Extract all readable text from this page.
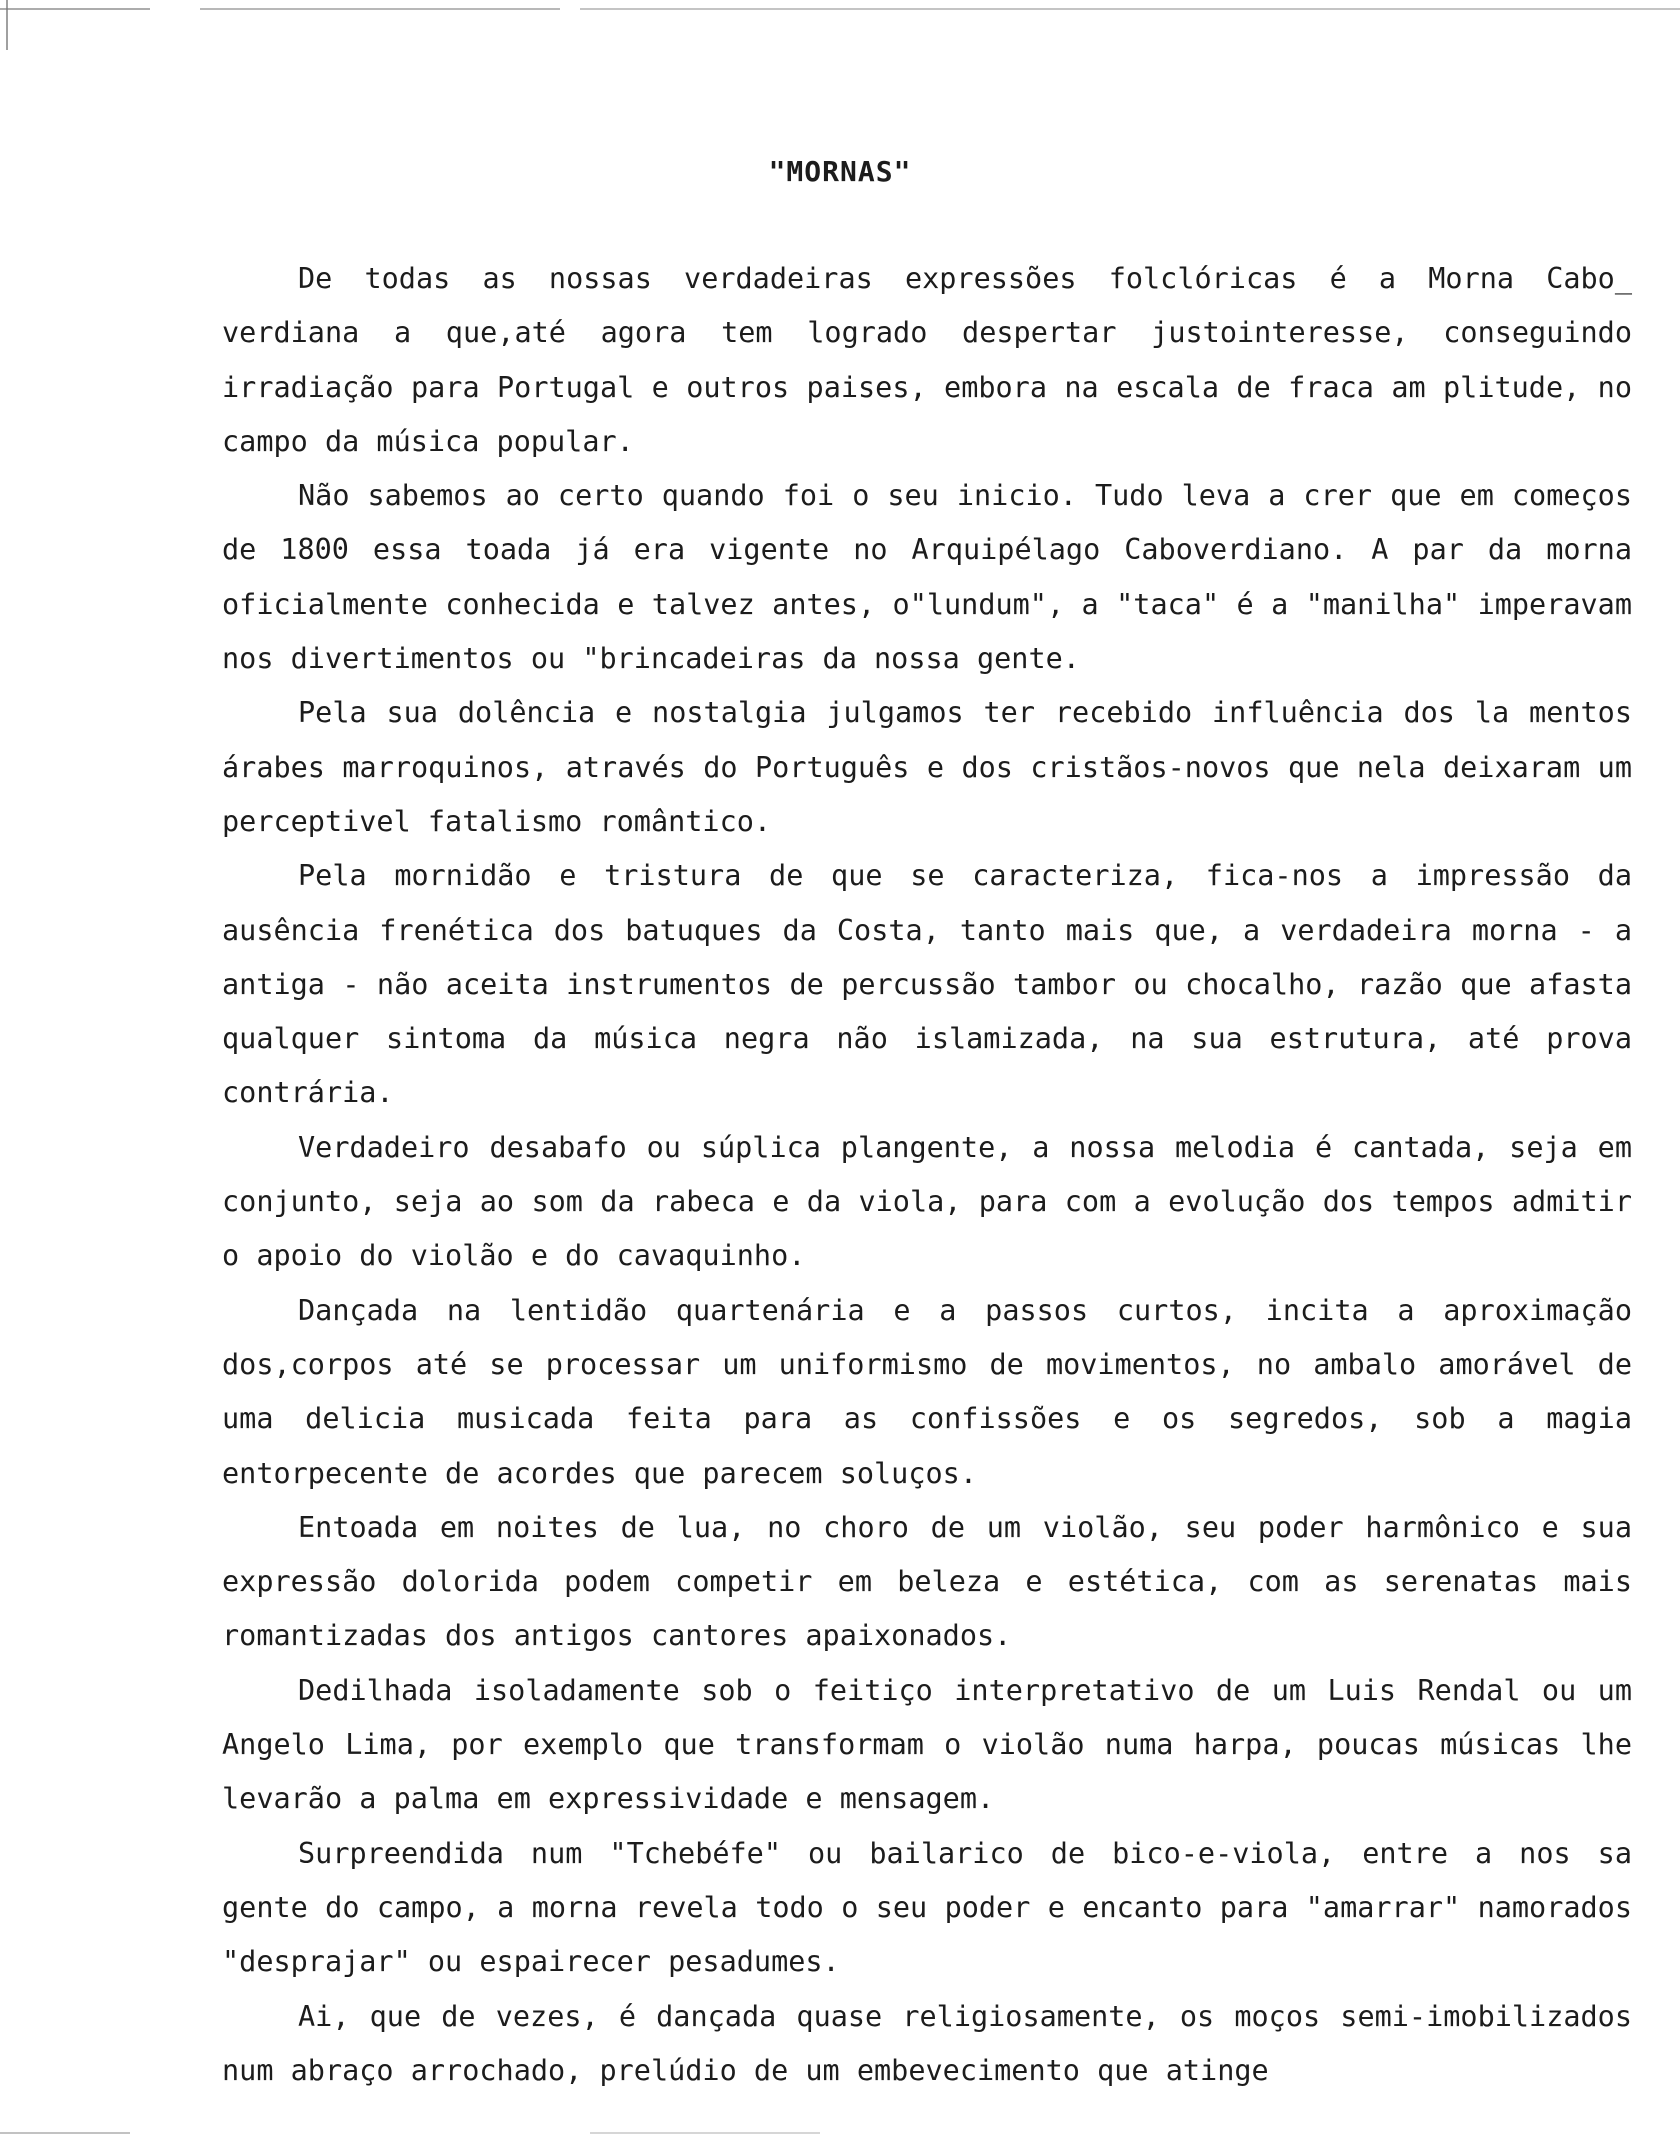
"MORNAS"

De todas as nossas verdadeiras expressões folclóricas é a Morna Cabo_ verdiana a que,até agora tem logrado despertar justointeresse, conseguindo irradiação para Portugal e outros paises, embora na escala de fraca am plitude, no campo da música popular.

Não sabemos ao certo quando foi o seu inicio. Tudo leva a crer que em começos de 1800 essa toada já era vigente no Arquipélago Caboverdiano. A par da morna oficialmente conhecida e talvez antes, o"lundum", a "taca" é a "manilha" imperavam nos divertimentos ou "brincadeiras da nossa gente.

Pela sua dolência e nostalgia julgamos ter recebido influência dos la mentos árabes marroquinos, através do Português e dos cristãos-novos que nela deixaram um perceptivel fatalismo romântico.

Pela mornidão e tristura de que se caracteriza, fica-nos a impressão da ausência frenética dos batuques da Costa, tanto mais que, a verdadeira morna - a antiga - não aceita instrumentos de percussão tambor ou chocalho, razão que afasta qualquer sintoma da música negra não islamizada, na sua estrutura, até prova contrária.

Verdadeiro desabafo ou súplica plangente, a nossa melodia é cantada, seja em conjunto, seja ao som da rabeca e da viola, para com a evolução dos tempos admitir o apoio do violão e do cavaquinho.

Dançada na lentidão quartenária e a passos curtos, incita a aproximação dos,corpos até se processar um uniformismo de movimentos, no ambalo amorável de uma delicia musicada feita para as confissões e os segredos, sob a magia entorpecente de acordes que parecem soluços.

Entoada em noites de lua, no choro de um violão, seu poder harmônico e sua expressão dolorida podem competir em beleza e estética, com as serenatas mais romantizadas dos antigos cantores apaixonados.

Dedilhada isoladamente sob o feitiço interpretativo de um Luis Rendal ou um Angelo Lima, por exemplo que transformam o violão numa harpa, poucas músicas lhe levarão a palma em expressividade e mensagem.

Surpreendida num "Tchebéfe" ou bailarico de bico-e-viola, entre a nos sa gente do campo, a morna revela todo o seu poder e encanto para "amarrar" namorados "desprajar" ou espairecer pesadumes.

Ai, que de vezes, é dançada quase religiosamente, os moços semi-imobilizados num abraço arrochado, prelúdio de um embevecimento que atinge
